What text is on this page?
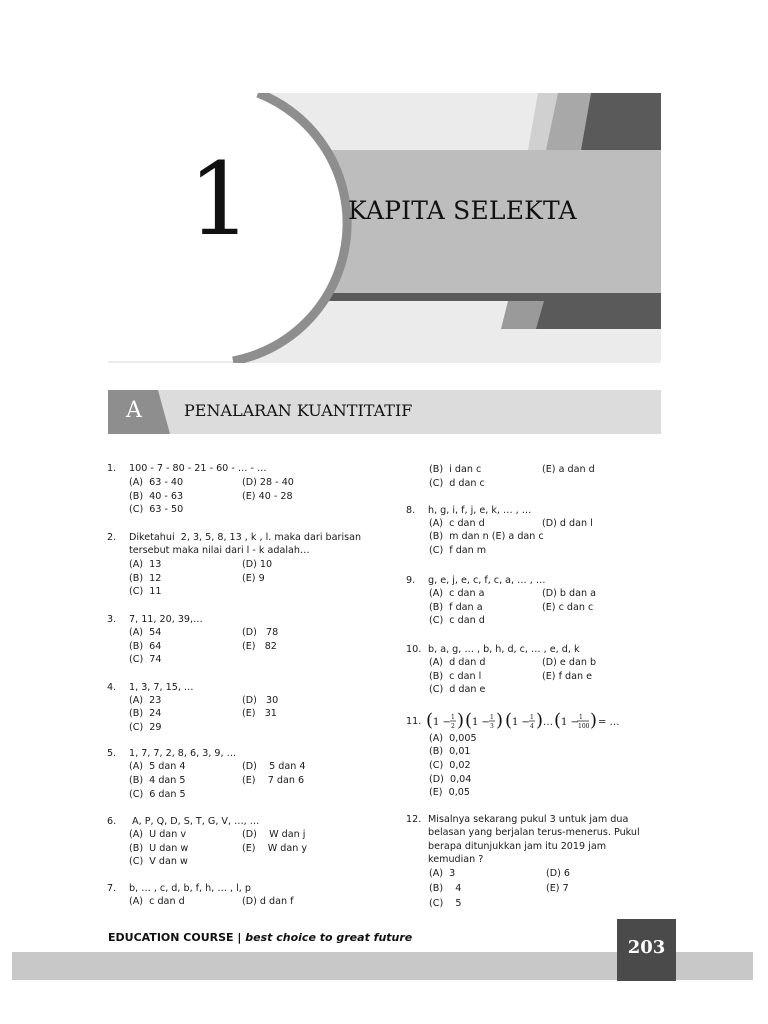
1	KAPITA SELEKTA
A	PENALARAN KUANTITATIF
1.	100 - 7 - 80 - 21 - 60 - … - …
(A)  63 - 40	(D) 28 - 40
(B)  40 - 63	(E) 40 - 28
(C)  63 - 50
2.	Diketahui  2, 3, 5, 8, 13 , k , l. maka dari barisan
tersebut maka nilai dari l - k adalah…
(A)  13	(D) 10
(B)  12	(E) 9
(C)  11
3.	7, 11, 20, 39,…
(A)  54	(D)   78
(B)  64	(E)   82
(C)  74
4.	1, 3, 7, 15, …
(A)  23	(D)   30
(B)  24	(E)   31
(C)  29
5.	1, 7, 7, 2, 8, 6, 3, 9, …
(A)  5 dan 4	(D)    5 dan 4
(B)  4 dan 5	(E)    7 dan 6
(C)  6 dan 5
6.	A, P, Q, D, S, T, G, V, …, …
(A)  U dan v	(D)    W dan j
(B)  U dan w	(E)    W dan y
(C)  V dan w
7.	b, … , c, d, b, f, h, … , l, p
(A)  c dan d	(D) d dan f
(B)  i dan c	(E) a dan d
(C)  d dan c
8.	h, g, i, f, j, e, k, … , …
(A)  c dan d	(D) d dan l
(B)  m dan n (E) a dan c
(C)  f dan m
9.	g, e, j, e, c, f, c, a, … , …
(A)  c dan a	(D) b dan a
(B)  f dan a	(E) c dan c
(C)  c dan d
10. b, a, g, … , b, h, d, c, … , e, d, k
(A)  d dan d	(D) e dan b
(B)  c dan l	(E) f dan e
(C)  d dan e
11. ( 1 − 1
2 ) ( 1 − 1
3 ) ( 1 − 1
4 ) … ( 1 − 1
100 ) = …
(A)  0,005
(B)  0,01
(C)  0,02
(D)  0,04
(E)  0,05
12. Misalnya sekarang pukul 3 untuk jam dua
belasan yang berjalan terus-menerus. Pukul
berapa ditunjukkan jam itu 2019 jam
kemudian ?
(A)  3	(D) 6
(B)    4	(E) 7
(C)    5
203
EDUCATION COURSE | best choice to great future
